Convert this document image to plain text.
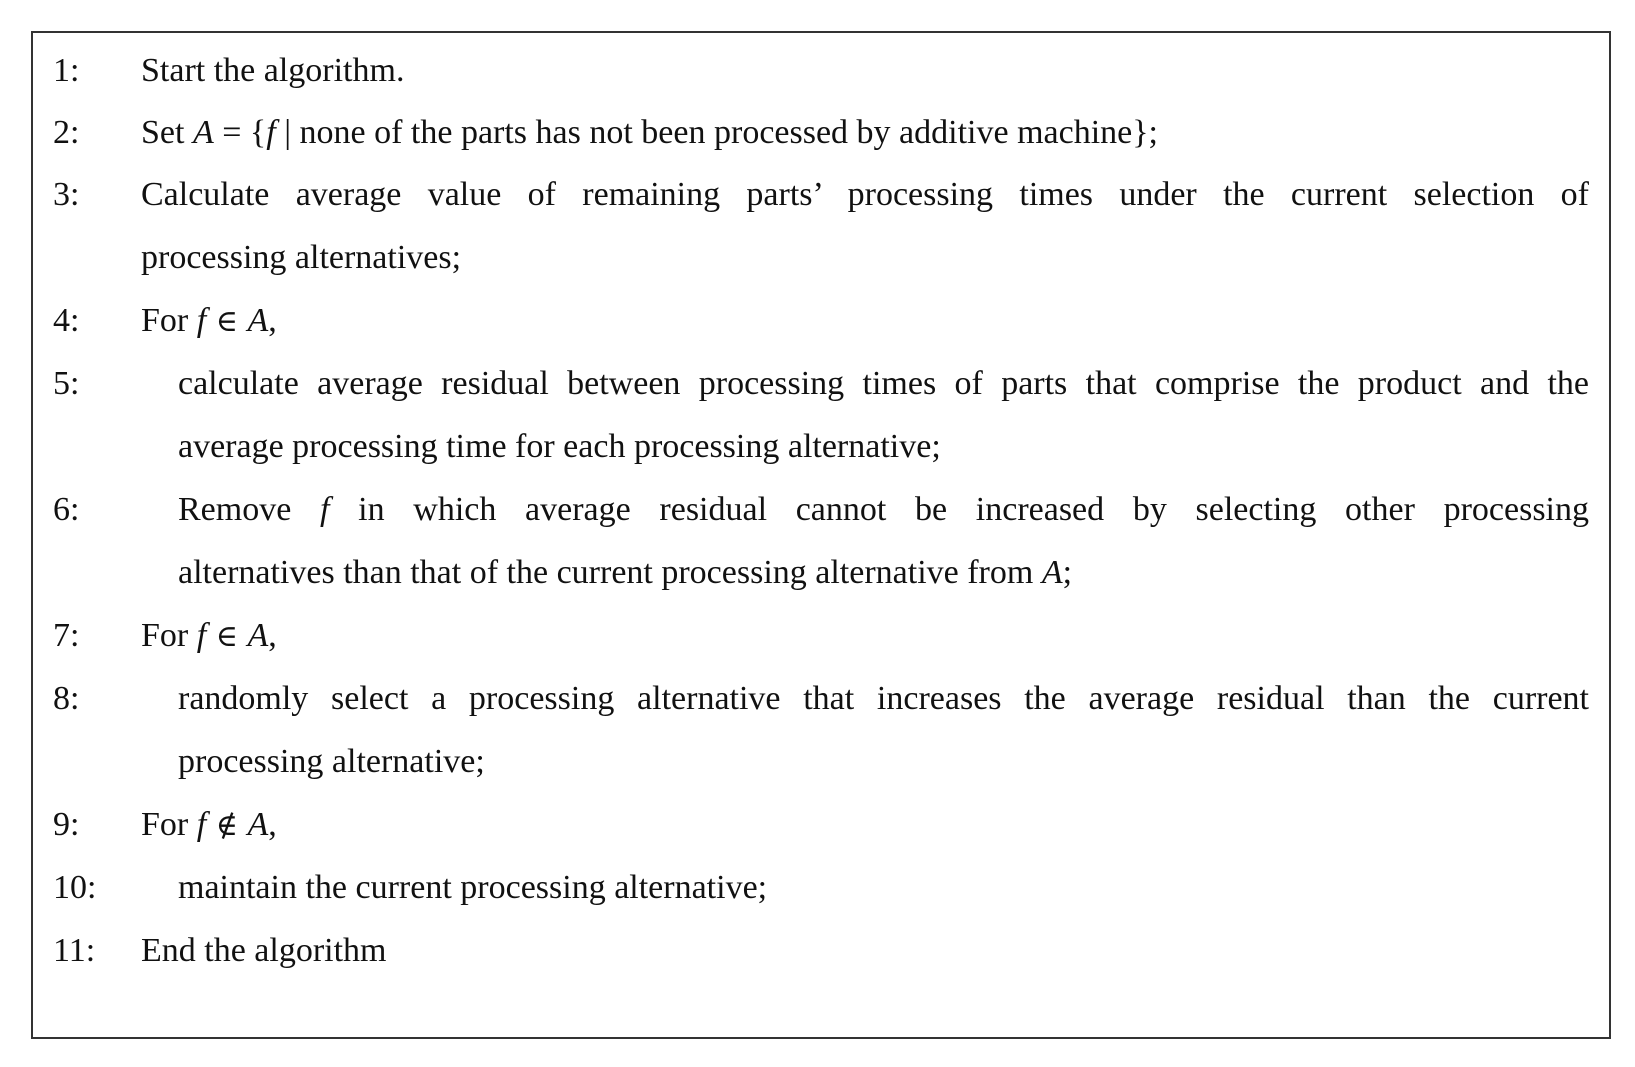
1: Start the algorithm.
2: Set A = {f | none of the parts has not been processed by additive machine};
3: Calculate average value of remaining parts’ processing times under the current selection of
processing alternatives;
4: For f ∈ A,
5:	calculate average residual between processing times of parts that comprise the product and the
average processing time for each processing alternative;
6:	Remove f in which average residual cannot be increased by selecting other processing
alternatives than that of the current processing alternative from A;
7: For f ∈ A,
8:	randomly select a processing alternative that increases the average residual than the current
processing alternative;
9: For f ∉ A,
10: maintain the current processing alternative;
11: End the algorithm
